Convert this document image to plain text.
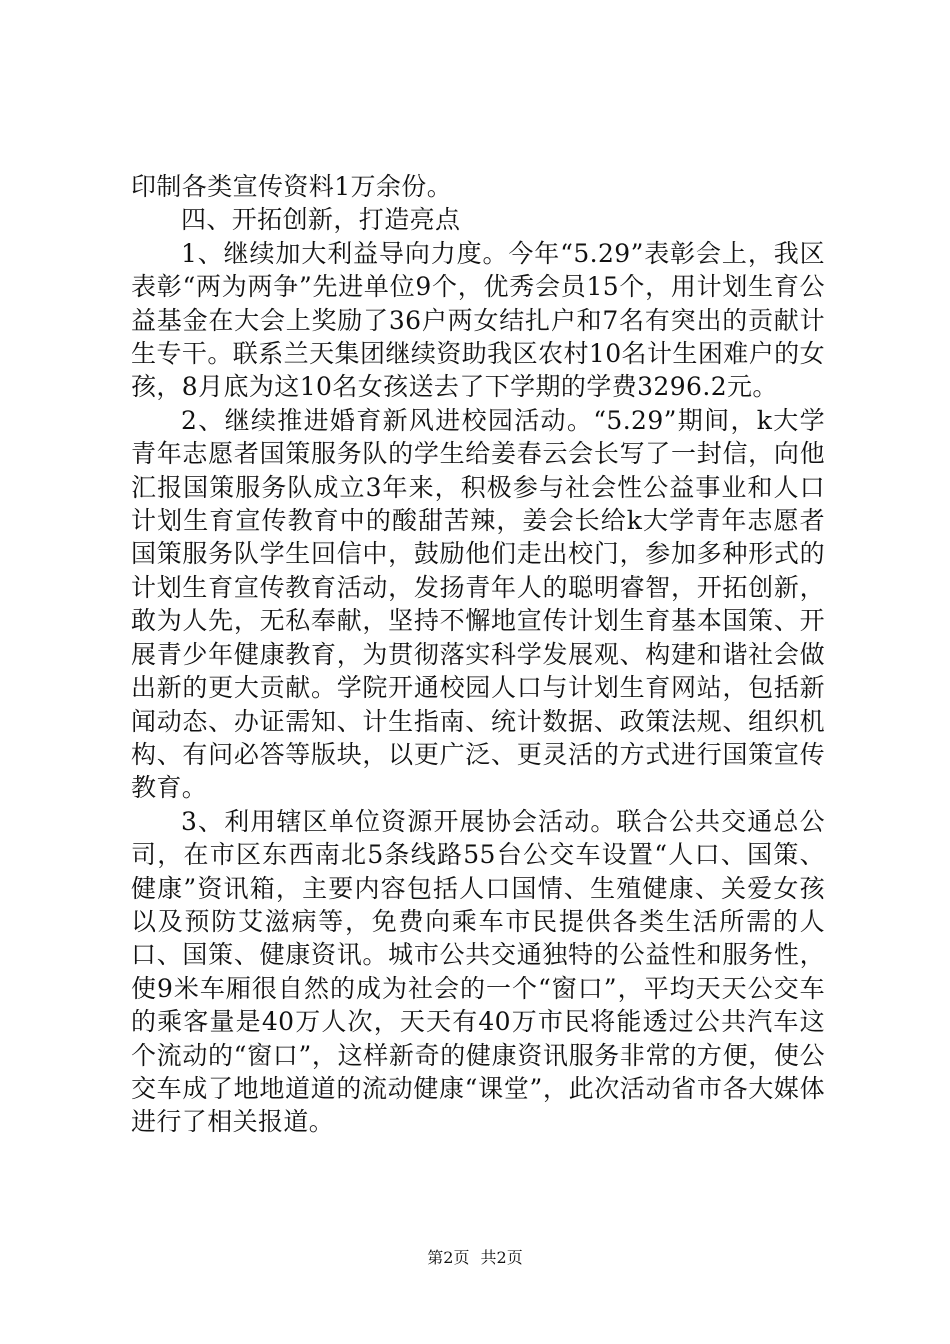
印制各类宣传资料1万余份。

四、开拓创新，打造亮点

1、继续加大利益导向力度。今年“5.29”表彰会上，我区表彰“两为两争”先进单位9个，优秀会员15个，用计划生育公益基金在大会上奖励了36户两女结扎户和7名有突出的贡献计生专干。联系兰天集团继续资助我区农村10名计生困难户的女孩，8月底为这10名女孩送去了下学期的学费3296.2元。

2、继续推进婚育新风进校园活动。“5.29”期间，k大学青年志愿者国策服务队的学生给姜春云会长写了一封信，向他汇报国策服务队成立3年来，积极参与社会性公益事业和人口计划生育宣传教育中的酸甜苦辣，姜会长给k大学青年志愿者国策服务队学生回信中，鼓励他们走出校门，参加多种形式的计划生育宣传教育活动，发扬青年人的聪明睿智，开拓创新，敢为人先，无私奉献，坚持不懈地宣传计划生育基本国策、开展青少年健康教育，为贯彻落实科学发展观、构建和谐社会做出新的更大贡献。学院开通校园人口与计划生育网站，包括新闻动态、办证需知、计生指南、统计数据、政策法规、组织机构、有问必答等版块，以更广泛、更灵活的方式进行国策宣传教育。

3、利用辖区单位资源开展协会活动。联合公共交通总公司，在市区东西南北5条线路55台公交车设置“人口、国策、健康”资讯箱，主要内容包括人口国情、生殖健康、关爱女孩以及预防艾滋病等，免费向乘车市民提供各类生活所需的人口、国策、健康资讯。城市公共交通独特的公益性和服务性，使9米车厢很自然的成为社会的一个“窗口”，平均天天公交车的乘客量是40万人次，天天有40万市民将能透过公共汽车这个流动的“窗口”，这样新奇的健康资讯服务非常的方便，使公交车成了地地道道的流动健康“课堂”，此次活动省市各大媒体进行了相关报道。

第2页 共2页
